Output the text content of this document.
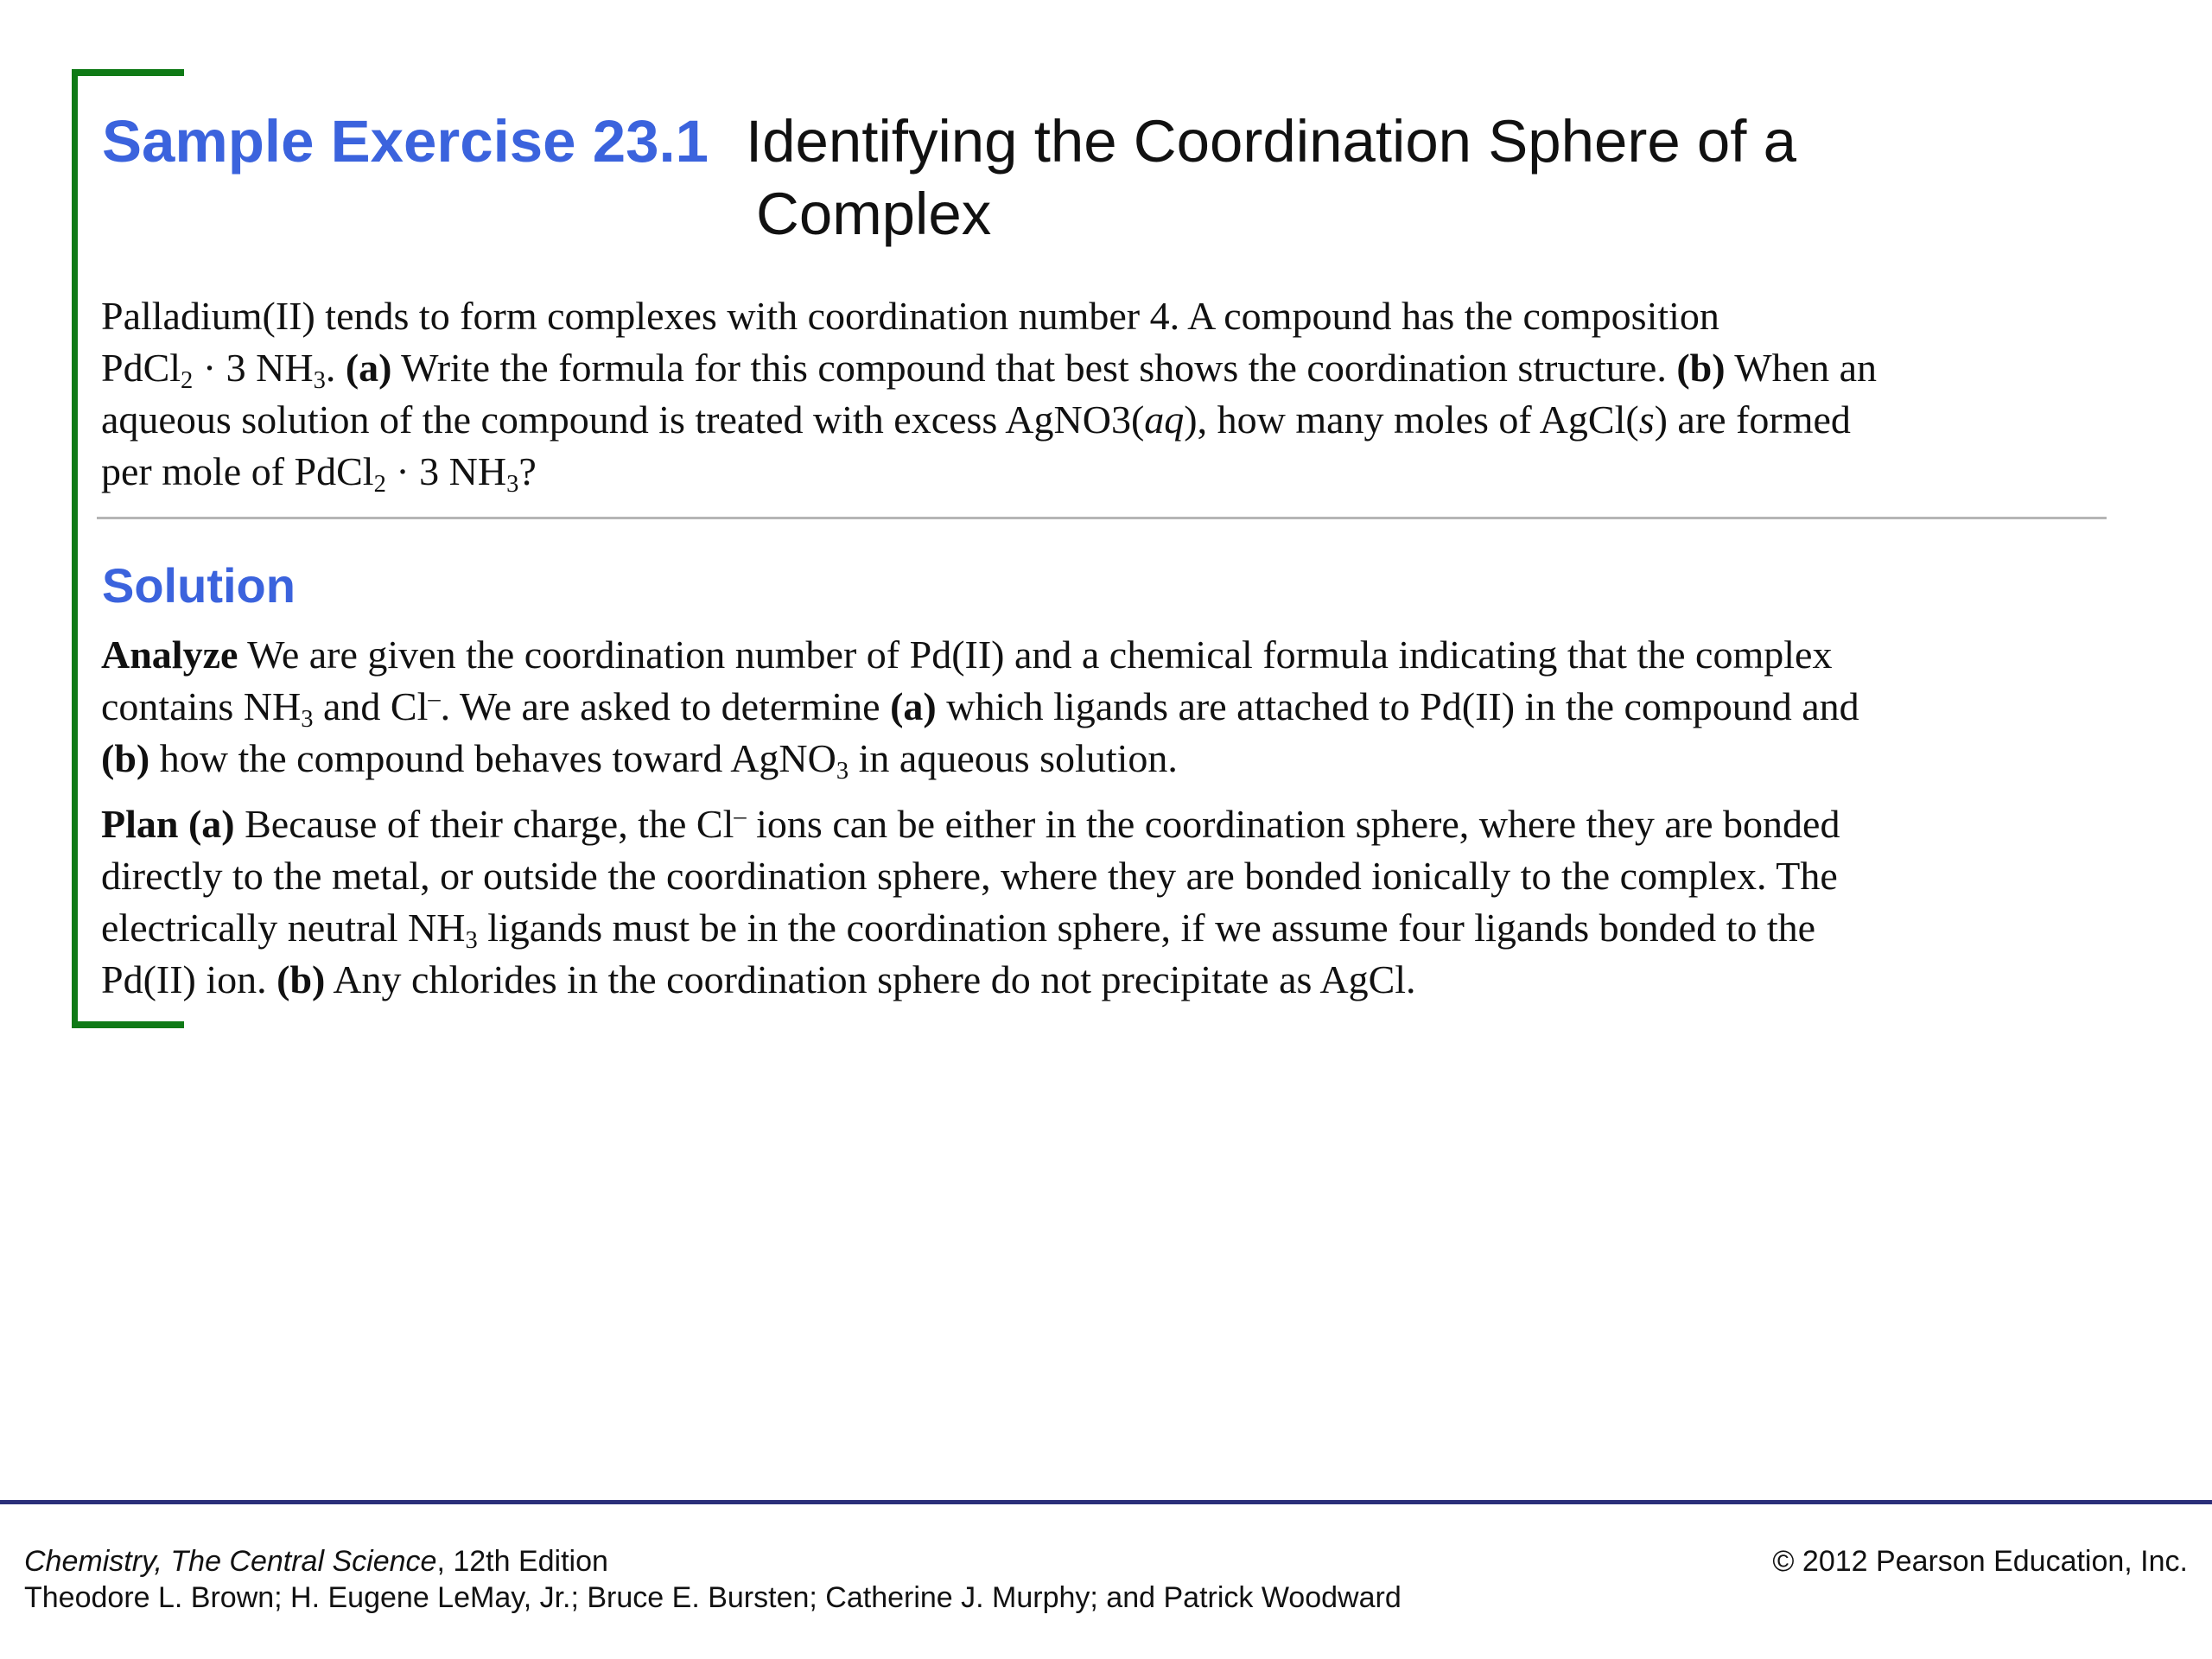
Sample Exercise 23.1 Identifying the Coordination Sphere of a
Complex
Palladium(II) tends to form complexes with coordination number 4. A compound has the composition
PdCl$_2$ · 3 $NH_3$. (a) Write the formula for this compound that best shows the coordination structure. (b) When an
aqueous solution of the compound is treated with excess AgNO3(aq), how many moles of AgCl(s) are formed
per mole of PdCl$_2$ · 3 $NH_3$?
Solution
Analyze We are given the coordination number of Pd(II) and a chemical formula indicating that the complex
contains $NH_3$ and Cl–. We are asked to determine (a) which ligands are attached to Pd(II) in the compound and
(b) how the compound behaves toward AgNO$_3$ in aqueous solution.
Plan (a) Because of their charge, the Cl– ions can be either in the coordination sphere, where they are bonded
directly to the metal, or outside the coordination sphere, where they are bonded ionically to the complex. The
electrically neutral $NH_3$ ligands must be in the coordination sphere, if we assume four ligands bonded to the
Pd(II) ion. (b) Any chlorides in the coordination sphere do not precipitate as AgCl.
Chemistry, The Central Science, 12th Edition
Theodore L. Brown; H. Eugene LeMay, Jr.; Bruce E. Bursten; Catherine J. Murphy; and Patrick Woodward
© 2012 Pearson Education, Inc.
